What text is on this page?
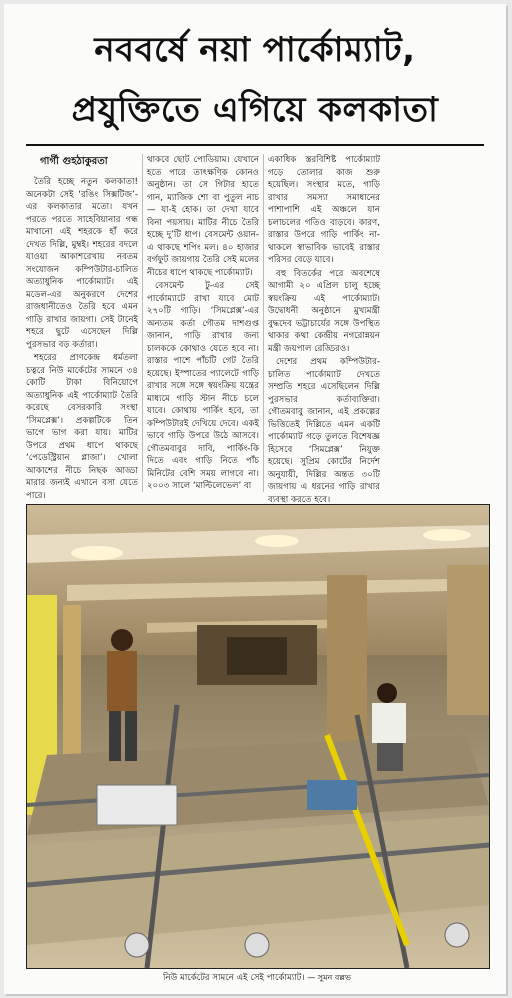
নববর্ষে নয়া পার্কোম্যাট,
প্রযুক্তিতে এগিয়ে কলকাতা
গার্গী গুহঠাকুরতা

তৈরি হচ্ছে নতুন কলকাতা! অনেকটা সেই ‘রঙিং সিক্সটিজ’-এর কলকাতার মতো। যখন পরতে পরতে সাহেবিয়ানার গন্ধ মাখানো এই শহরকে হাঁ করে দেখত দিল্লি, মুম্বই। শহরের বদলে যাওয়া আকাশরেখায় নবতম সংযোজন কম্পিউটার-চালিত অত্যাধুনিক পার্কোম্যাট। এই মডেল-এর অনুকরণে দেশের রাজধানীতেও তৈরি হবে এমন গাড়ি রাখার জায়গা। সেই টানেই শহরে ছুটে এসেছেন দিল্লি পুরসভার বড় কর্তারা।

শহরের প্রাণকেন্দ্র ধর্মতলা চত্বরে নিউ মার্কেটের সামনে ৩৪ কোটি টাকা বিনিয়োগে অত্যাধুনিক এই পার্কোম্যাট তৈরি করেছে বেসরকারি সংস্থা ‘সিমপ্লেক্স’। প্রকল্পটিকে তিন ভাগে ভাগ করা যায়। মাটির উপরে প্রথম ধাপে থাকছে ‘পেডেস্ট্রিয়ান প্লাজা’। খোলা আকাশের নীচে নিছক আড্ডা মারার জন্যই এখানে বসা যেতে পারে।

থাকবে ছোট পোডিয়াম। যেখানে হতে পারে তাৎক্ষণিক কোনও অনুষ্ঠান। তা সে গিটার হাতে গান, ম্যাজিক শো বা পুতুল নাচ— যা-ই হোক। তা দেখা যাবে বিনা পয়সায়। মাটির নীচে তৈরি হচ্ছে দু’টি ধাপ। বেসমেন্ট ওয়ান-এ থাকছে শপিং মল। ৪০ হাজার বর্গফুট জায়গায় তৈরি সেই মলের নীচের ধাপে থাকছে পার্কোম্যাট।

বেসমেন্ট টু-এর সেই পার্কোম্যাটে রাখা যাবে মোট ২৭০টি গাড়ি। ‘সিমপ্লেক্স’-এর অন্যতম কর্তা গৌতম দাশগুপ্ত জানান, গাড়ি রাখার জন্য চালককে কোথাও যেতে হবে না। রাস্তার পাশে পাঁচটি গেট তৈরি হয়েছে। ইস্পাতের প্যালেটে গাড়ি রাখার সঙ্গে সঙ্গে স্বয়ংক্রিয় যন্ত্রের মাধ্যমে গাড়ি স্টান নীচে চলে যাবে। কোথায় পার্কিং হবে, তা কম্পিউটারই দেখিয়ে দেবে। একই ভাবে গাড়ি উপরে উঠে আসবে। গৌতমবাবুর দাবি, পার্কিং-কি দিতে এবং গাড়ি নিতে পাঁচ মিনিটের বেশি সময় লাগবে না। ২০০৩ সালে ‘মাল্টিলেভেল’ বা

একাধিক স্তরবিশিষ্ট পার্কোম্যাট গড়ে তোলার কাজ শুরু হয়েছিল। সংস্থার মতে, গাড়ি রাখার সমস্যা সমাধানের পাশাপাশি এই অঞ্চলে যান চলাচলের গতিও বাড়বে। কারণ, রাস্তার উপরে গাড়ি পার্কিং না-থাকলে স্বাভাবিক ভাবেই রাস্তার পরিসর বেড়ে যাবে।

বহু বিতর্কের পরে অবশেষে আগামী ২০ এপ্রিল চালু হচ্ছে স্বয়ংক্রিয় এই পার্কোম্যাট। উদ্বোধনী অনুষ্ঠানে মুখ্যমন্ত্রী বুদ্ধদেব ভট্টাচার্যের সঙ্গে উপস্থিত থাকার কথা কেন্দ্রীয় নগরোন্নয়ন মন্ত্রী জয়পাল রেড্ডিরও।

দেশের প্রথম কম্পিউটার-চালিত পার্কোম্যাট দেখতে সম্প্রতি শহরে এসেছিলেন দিল্লি পুরসভার কর্তাব্যক্তিরা। গৌতমবাবু জানান, এই প্রকল্পের ভিত্তিতেই দিল্লিতে এমন একটি পার্কোম্যাট গড়ে তুলতে বিশেষজ্ঞ হিসেবে ‘সিমপ্লেক্স’ নিযুক্ত হয়েছে। সুপ্রিম কোর্টের নির্দেশ অনুযায়ী, দিল্লির অন্তত ৩০টি জায়গায় এ ধরনের গাড়ি রাখার ব্যবস্থা করতে হবে।

নিউ মার্কেটের সামনে এই সেই পার্কোম্যাট। — সুমন বল্লভ
